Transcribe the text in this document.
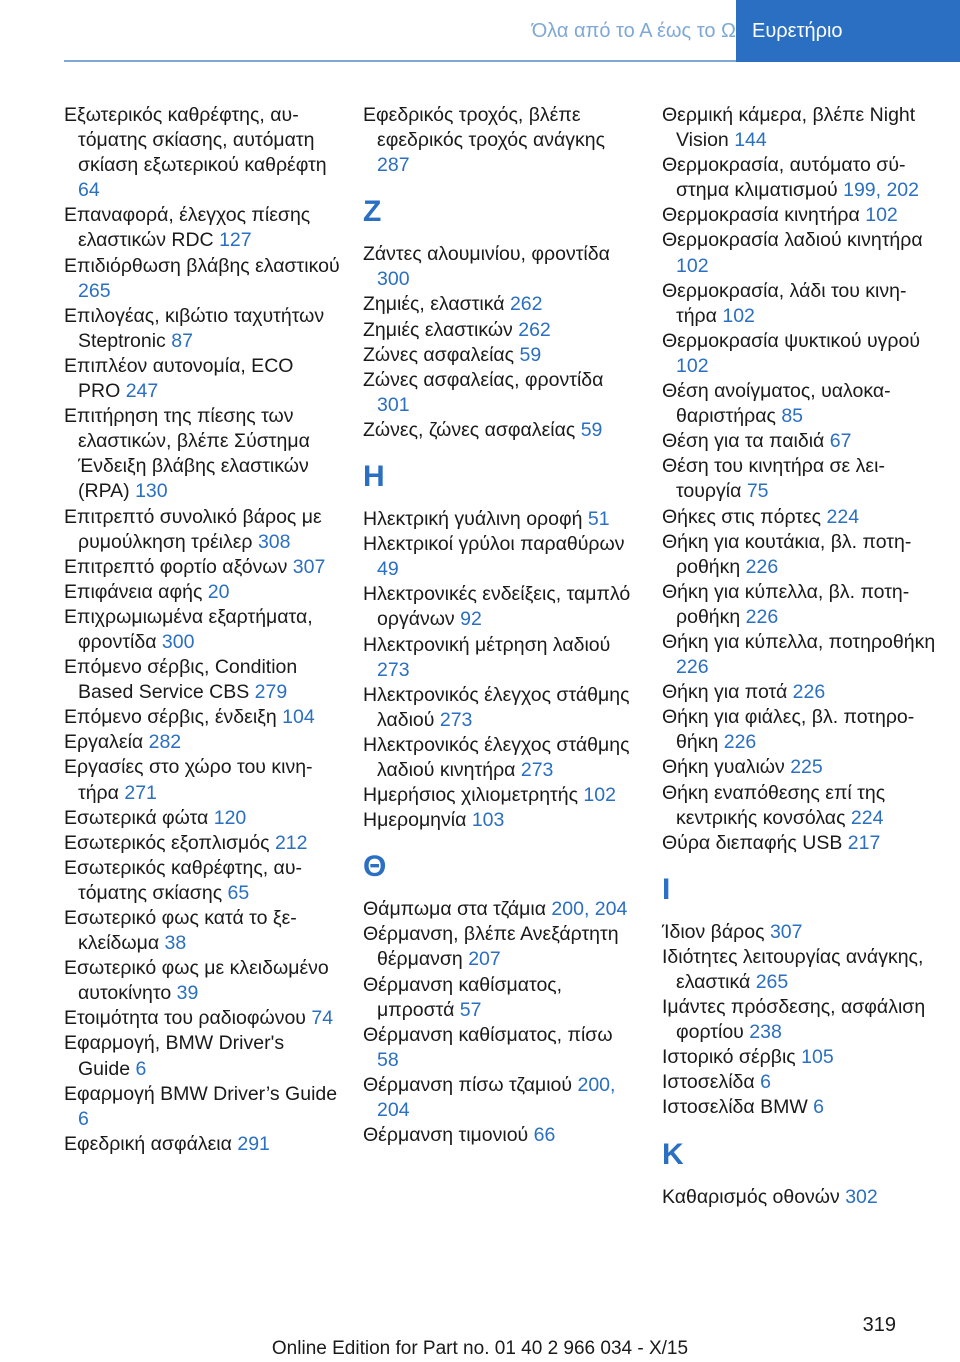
Όλα από το Α έως το Ω Ευρετήριο
Εξωτερικός καθρέφτης, αυτόματης σκίασης, αυτόματη σκίαση εξωτερικού καθρέφτη 64
Επαναφορά, έλεγχος πίεσης ελαστικών RDC 127
Επιδιόρθωση βλάβης ελαστικού 265
Επιλογέας, κιβώτιο ταχυτήτων Steptronic 87
Επιπλέον αυτονομία, ECO PRO 247
Επιτήρηση της πίεσης των ελαστικών, βλέπε Σύστημα Ένδειξη βλάβης ελαστικών (RPA) 130
Επιτρεπτό συνολικό βάρος με ρυμούλκηση τρέιλερ 308
Επιτρεπτό φορτίο αξόνων 307
Επιφάνεια αφής 20
Επιχρωμιωμένα εξαρτήματα, φροντίδα 300
Επόμενο σέρβις, Condition Based Service CBS 279
Επόμενο σέρβις, ένδειξη 104
Εργαλεία 282
Εργασίες στο χώρο του κινητήρα 271
Εσωτερικά φώτα 120
Εσωτερικός εξοπλισμός 212
Εσωτερικός καθρέφτης, αυτόματης σκίασης 65
Εσωτερικό φως κατά το ξεκλείδωμα 38
Εσωτερικό φως με κλειδωμένο αυτοκίνητο 39
Ετοιμότητα του ραδιοφώνου 74
Εφαρμογή, BMW Driver's Guide 6
Εφαρμογή BMW Driver’s Guide 6
Εφεδρική ασφάλεια 291
Εφεδρικός τροχός, βλέπε εφεδρικός τροχός ανάγκης 287
Ζ
Ζάντες αλουμινίου, φροντίδα 300
Ζημιές, ελαστικά 262
Ζημιές ελαστικών 262
Ζώνες ασφαλείας 59
Ζώνες ασφαλείας, φροντίδα 301
Ζώνες, ζώνες ασφαλείας 59
Η
Ηλεκτρική γυάλινη οροφή 51
Ηλεκτρικοί γρύλοι παραθύρων 49
Ηλεκτρονικές ενδείξεις, ταμπλό οργάνων 92
Ηλεκτρονική μέτρηση λαδιού 273
Ηλεκτρονικός έλεγχος στάθμης λαδιού 273
Ηλεκτρονικός έλεγχος στάθμης λαδιού κινητήρα 273
Ημερήσιος χιλιομετρητής 102
Ημερομηνία 103
Θ
Θάμπωμα στα τζάμια 200, 204
Θέρμανση, βλέπε Ανεξάρτητη θέρμανση 207
Θέρμανση καθίσματος, μπροστά 57
Θέρμανση καθίσματος, πίσω 58
Θέρμανση πίσω τζαμιού 200, 204
Θέρμανση τιμονιού 66
Θερμική κάμερα, βλέπε Night Vision 144
Θερμοκρασία, αυτόματο σύστημα κλιματισμού 199, 202
Θερμοκρασία κινητήρα 102
Θερμοκρασία λαδιού κινητήρα 102
Θερμοκρασία, λάδι του κινητήρα 102
Θερμοκρασία ψυκτικού υγρού 102
Θέση ανοίγματος, υαλοκαθαριστήρας 85
Θέση για τα παιδιά 67
Θέση του κινητήρα σε λειτουργία 75
Θήκες στις πόρτες 224
Θήκη για κουτάκια, βλ. ποτηροθήκη 226
Θήκη για κύπελλα, βλ. ποτηροθήκη 226
Θήκη για κύπελλα, ποτηροθήκη 226
Θήκη για ποτά 226
Θήκη για φιάλες, βλ. ποτηροθήκη 226
Θήκη γυαλιών 225
Θήκη εναπόθεσης επί της κεντρικής κονσόλας 224
Θύρα διεπαφής USB 217
Ι
Ίδιον βάρος 307
Ιδιότητες λειτουργίας ανάγκης, ελαστικά 265
Ιμάντες πρόσδεσης, ασφάλιση φορτίου 238
Ιστορικό σέρβις 105
Ιστοσελίδα 6
Ιστοσελίδα BMW 6
Κ
Καθαρισμός οθονών 302
319
Online Edition for Part no. 01 40 2 966 034 - X/15
